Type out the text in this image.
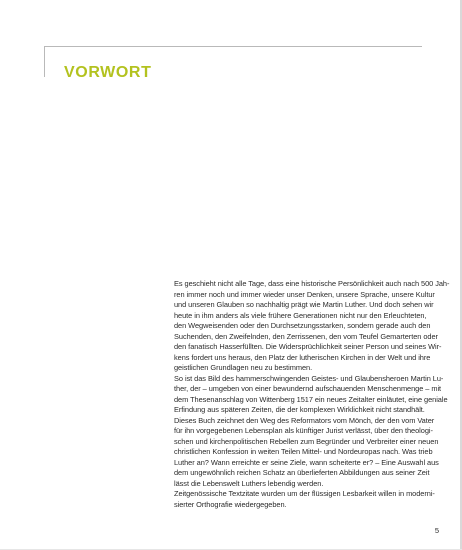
VORWORT
Es geschieht nicht alle Tage, dass eine historische Persönlichkeit auch nach 500 Jah-
ren immer noch und immer wieder unser Denken, unsere Sprache, unsere Kultur
und unseren Glauben so nachhaltig prägt wie Martin Luther. Und doch sehen wir
heute in ihm anders als viele frühere Generationen nicht nur den Erleuchteten,
den Wegweisenden oder den Durchsetzungsstarken, sondern gerade auch den
Suchenden, den Zweifelnden, den Zerrissenen, den vom Teufel Gemarterten oder
den fanatisch Hasserfüllten. Die Widersprüchlichkeit seiner Person und seines Wir-
kens fordert uns heraus, den Platz der lutherischen Kirchen in der Welt und ihre
geistlichen Grundlagen neu zu bestimmen.
So ist das Bild des hammerschwingenden Geistes- und Glaubensheroen Martin Lu-
ther, der – umgeben von einer bewundernd aufschauenden Menschenmenge – mit
dem Thesenanschlag von Wittenberg 1517 ein neues Zeitalter einläutet, eine geniale
Erfindung aus späteren Zeiten, die der komplexen Wirklichkeit nicht standhält.
Dieses Buch zeichnet den Weg des Reformators vom Mönch, der den vom Vater
für ihn vorgegebenen Lebensplan als künftiger Jurist verlässt, über den theologi-
schen und kirchenpolitischen Rebellen zum Begründer und Verbreiter einer neuen
christlichen Konfession in weiten Teilen Mittel- und Nordeuropas nach. Was trieb
Luther an? Wann erreichte er seine Ziele, wann scheiterte er? – Eine Auswahl aus
dem ungewöhnlich reichen Schatz an überlieferten Abbildungen aus seiner Zeit
lässt die Lebenswelt Luthers lebendig werden.
Zeitgenössische Textzitate wurden um der flüssigen Lesbarkeit willen in moderni-
sierter Orthografie wiedergegeben.
5
